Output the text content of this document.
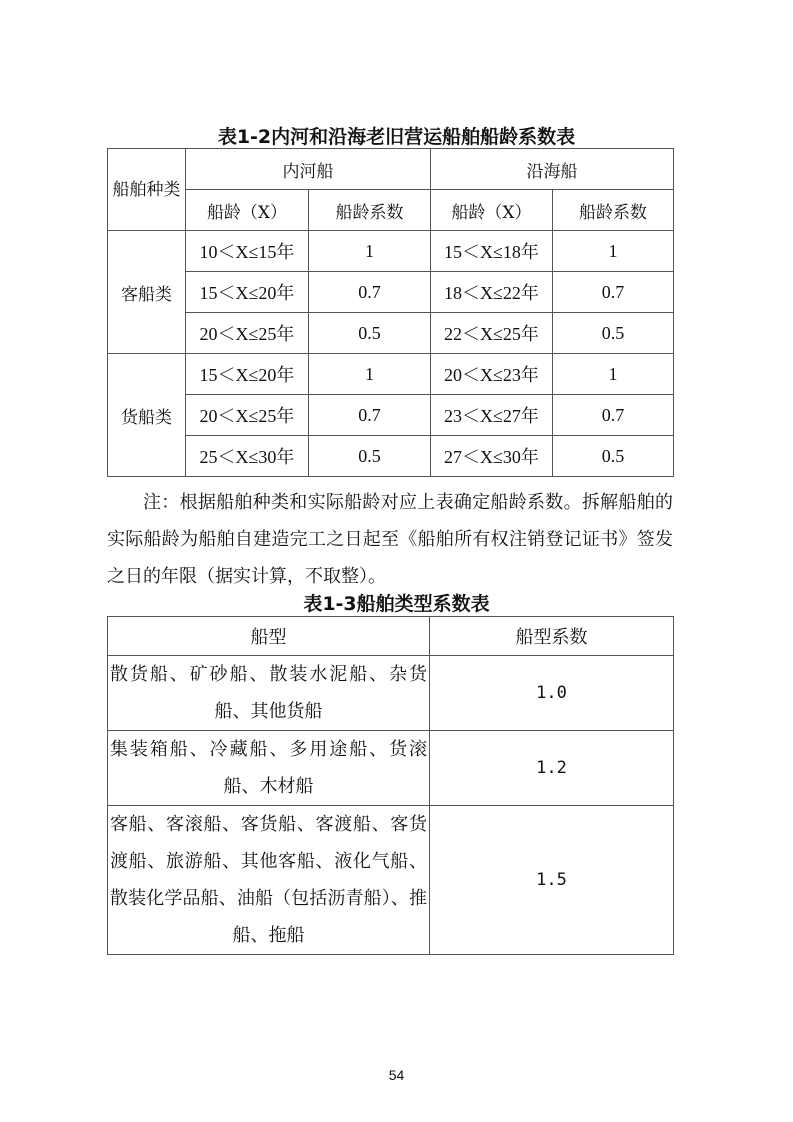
表1-2内河和沿海老旧营运船舶船龄系数表
船舶种类	内河船		沿海船	
	船龄（X）	船龄系数	船龄（X）	船龄系数
客船类	10＜X≤15年	1	15＜X≤18年	1
	15＜X≤20年	0.7	18＜X≤22年	0.7
	20＜X≤25年	0.5	22＜X≤25年	0.5
货船类	15＜X≤20年	1	20＜X≤23年	1
	20＜X≤25年	0.7	23＜X≤27年	0.7
	25＜X≤30年	0.5	27＜X≤30年	0.5

注：根据船舶种类和实际船龄对应上表确定船龄系数。拆解船舶的实际船龄为船舶自建造完工之日起至《船舶所有权注销登记证书》签发之日的年限（据实计算，不取整）。

表1-3船舶类型系数表
船型	船型系数
散货船、矿砂船、散装水泥船、杂货船、其他货船	1.0
集装箱船、冷藏船、多用途船、货滚船、木材船	1.2
客船、客滚船、客货船、客渡船、客货渡船、旅游船、其他客船、液化气船、散装化学品船、油船（包括沥青船）、推船、拖船	1.5
54
